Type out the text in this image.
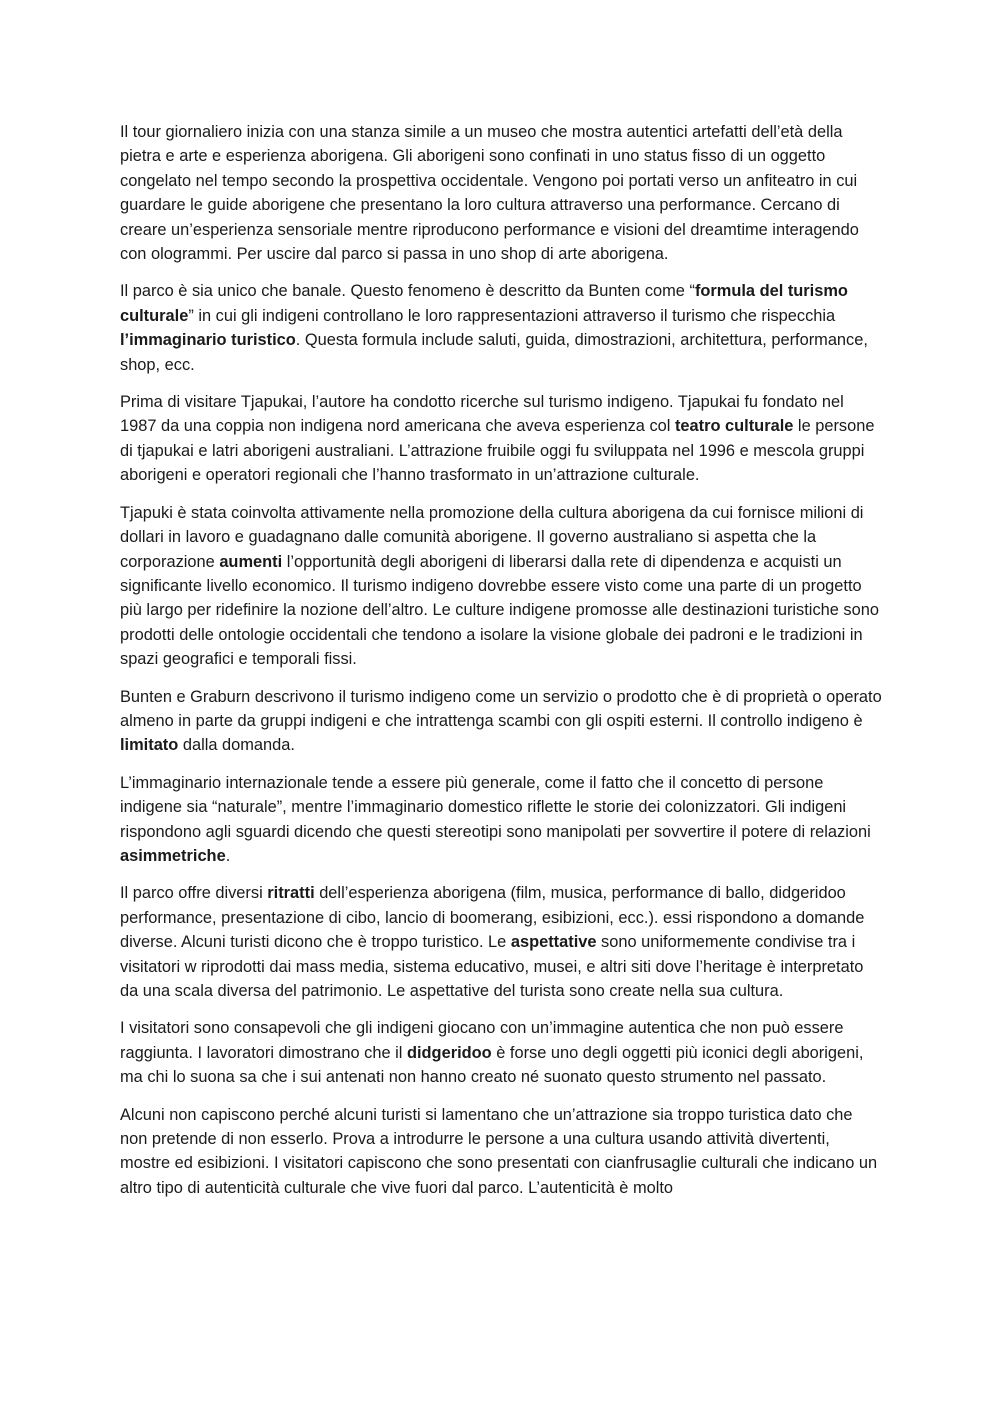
Il tour giornaliero inizia con una stanza simile a un museo che mostra autentici artefatti dell’età della pietra e arte e esperienza aborigena. Gli aborigeni sono confinati in uno status fisso di un oggetto congelato nel tempo secondo la prospettiva occidentale. Vengono poi portati verso un anfiteatro in cui guardare le guide aborigene che presentano la loro cultura attraverso una performance. Cercano di creare un’esperienza sensoriale mentre riproducono performance e visioni del dreamtime interagendo con ologrammi. Per uscire dal parco si passa in uno shop di arte aborigena.

Il parco è sia unico che banale. Questo fenomeno è descritto da Bunten come “formula del turismo culturale” in cui gli indigeni controllano le loro rappresentazioni attraverso il turismo che rispecchia l’immaginario turistico. Questa formula include saluti, guida, dimostrazioni, architettura, performance, shop, ecc.

Prima di visitare Tjapukai, l’autore ha condotto ricerche sul turismo indigeno. Tjapukai fu fondato nel 1987 da una coppia non indigena nord americana che aveva esperienza col teatro culturale le persone di tjapukai e latri aborigeni australiani. L’attrazione fruibile oggi fu sviluppata nel 1996 e mescola gruppi aborigeni e operatori regionali che l’hanno trasformato in un’attrazione culturale.

Tjapuki è stata coinvolta attivamente nella promozione della cultura aborigena da cui fornisce milioni di dollari in lavoro e guadagnano dalle comunità aborigene. Il governo australiano si aspetta che la corporazione aumenti l’opportunità degli aborigeni di liberarsi dalla rete di dipendenza e acquisti un significante livello economico. Il turismo indigeno dovrebbe essere visto come una parte di un progetto più largo per ridefinire la nozione dell’altro. Le culture indigene promosse alle destinazioni turistiche sono prodotti delle ontologie occidentali che tendono a isolare la visione globale dei padroni e le tradizioni in spazi geografici e temporali fissi.

Bunten e Graburn descrivono il turismo indigeno come un servizio o prodotto che è di proprietà o operato almeno in parte da gruppi indigeni e che intrattenga scambi con gli ospiti esterni. Il controllo indigeno è limitato dalla domanda.

L’immaginario internazionale tende a essere più generale, come il fatto che il concetto di persone indigene sia “naturale”, mentre l’immaginario domestico riflette le storie dei colonizzatori. Gli indigeni rispondono agli sguardi dicendo che questi stereotipi sono manipolati per sovvertire il potere di relazioni asimmetriche.

Il parco offre diversi ritratti dell’esperienza aborigena (film, musica, performance di ballo, didgeridoo performance, presentazione di cibo, lancio di boomerang, esibizioni, ecc.). essi rispondono a domande diverse. Alcuni turisti dicono che è troppo turistico. Le aspettative sono uniformemente condivise tra i visitatori w riprodotti dai mass media, sistema educativo, musei, e altri siti dove l’heritage è interpretato da una scala diversa del patrimonio. Le aspettative del turista sono create nella sua cultura.

I visitatori sono consapevoli che gli indigeni giocano con un’immagine autentica che non può essere raggiunta. I lavoratori dimostrano che il didgeridoo è forse uno degli oggetti più iconici degli aborigeni, ma chi lo suona sa che i sui antenati non hanno creato né suonato questo strumento nel passato.

Alcuni non capiscono perché alcuni turisti si lamentano che un’attrazione sia troppo turistica dato che non pretende di non esserlo. Prova a introdurre le persone a una cultura usando attività divertenti, mostre ed esibizioni. I visitatori capiscono che sono presentati con cianfrusaglie culturali che indicano un altro tipo di autenticità culturale che vive fuori dal parco. L’autenticità è molto
